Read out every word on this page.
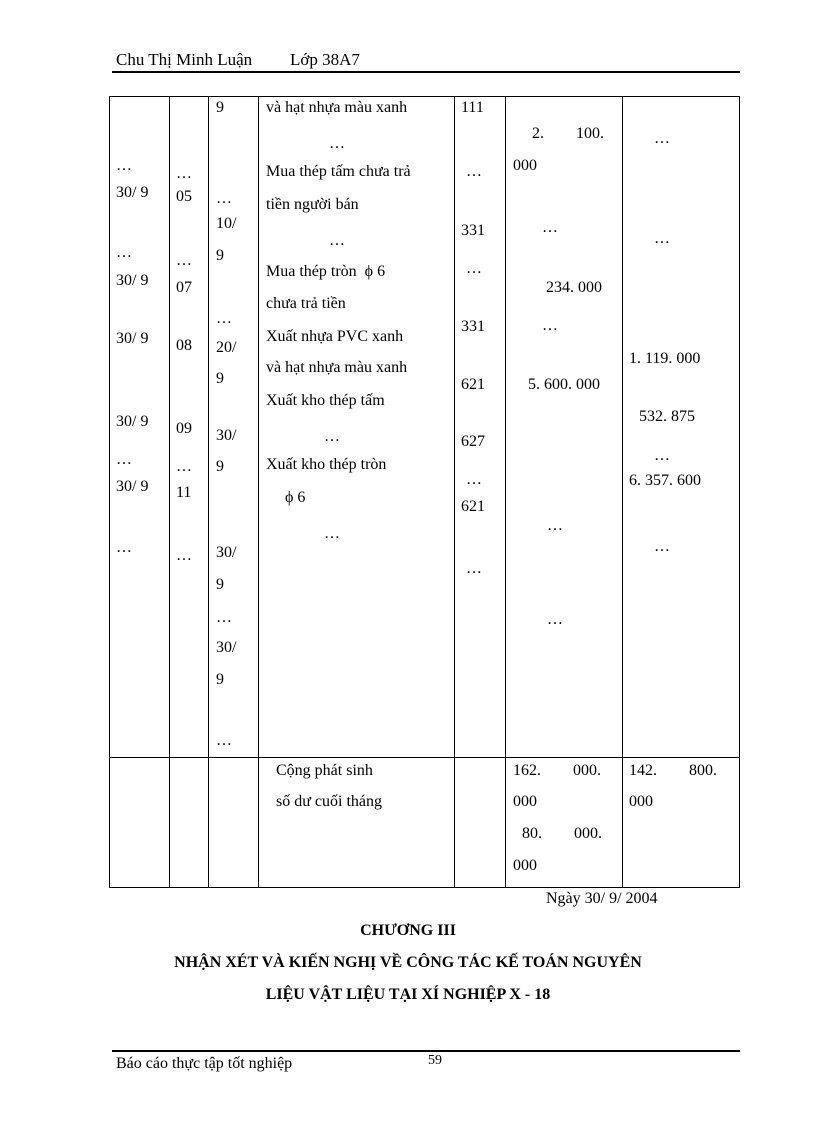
Chu Thị Minh Luận Lớp 38A7
…
30/ 9
…
30/ 9
30/ 9
30/ 9
…
30/ 9
…
…
05
…
07
08
09
…
11
…
9
…
10/
9
…
20/
9
30/
9
30/
9
…
30/
9
…
và hạt nhựa màu xanh
…
Mua thép tấm chưa trả
tiền người bán
…
Mua thép tròn  ϕ 6
chưa trả tiền
Xuất nhựa PVC xanh
và hạt nhựa màu xanh
Xuất kho thép tấm
…
Xuất kho thép tròn
ϕ 6
…
111
…
331
…
331
621
627
…
621
…
2.        100.
000
…
234. 000
…
5. 600. 000
…
…
…
…
1. 119. 000
532. 875
…
6. 357. 600
…
Cộng phát sinh
số dư cuối tháng
162.        000.
000
80.        000.
000
142.        800.
000
Ngày 30/ 9/ 2004
CHƯƠNG III
NHẬN XÉT VÀ KIẾN NGHỊ VỀ CÔNG TÁC KẾ TOÁN NGUYÊN
LIỆU VẬT LIỆU TẠI XÍ NGHIỆP X - 18
Báo cáo thực tập tốt nghiệp	59
